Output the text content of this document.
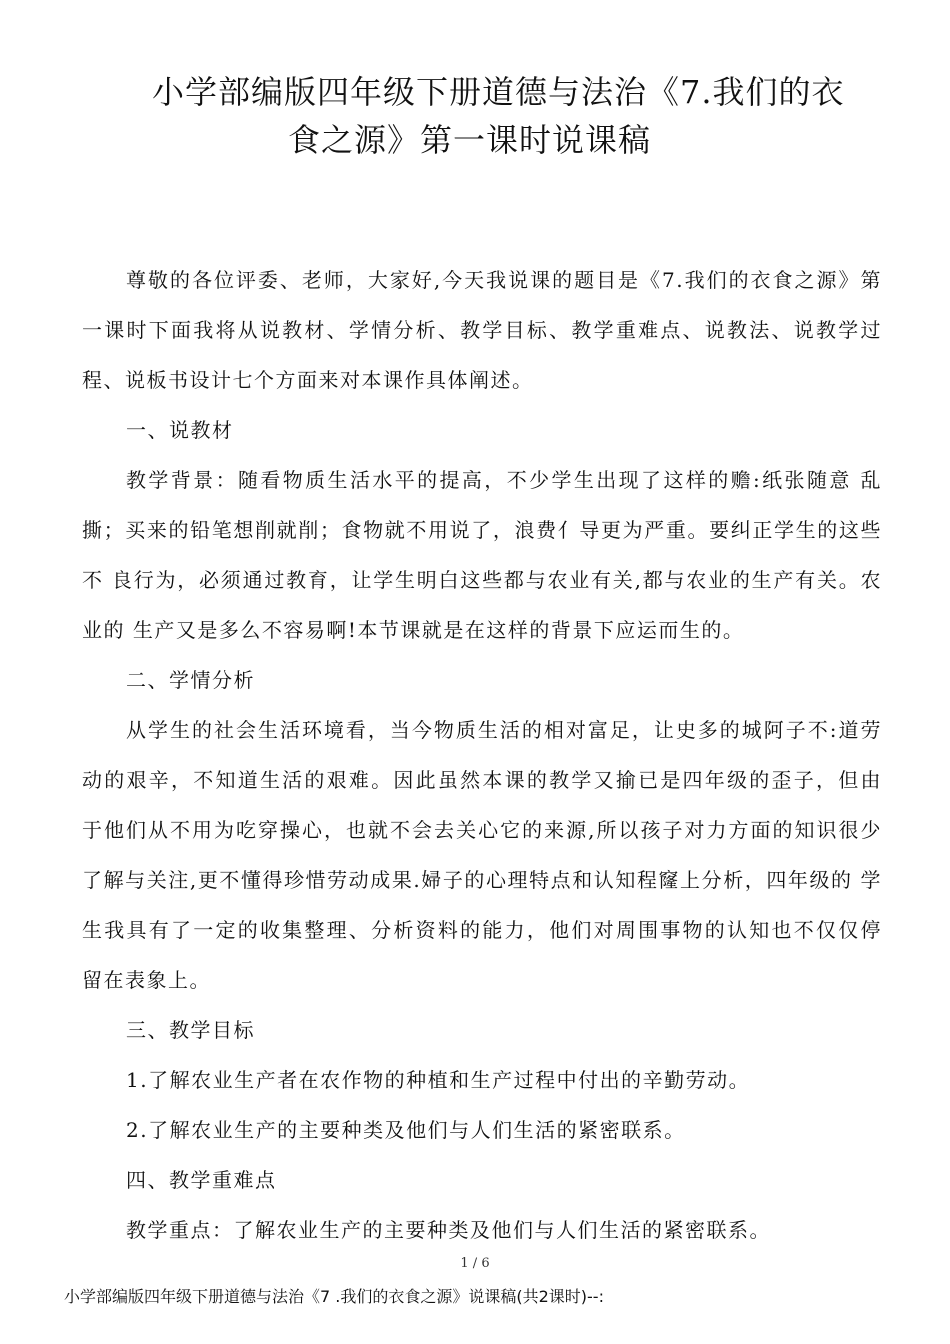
小学部编版四年级下册道德与法治《7.我们的衣
食之源》第一课时说课稿

尊敬的各位评委、老师，大家好,今天我说课的题目是《7.我们的衣食之源》第一课时下面我将从说教材、学情分析、教学目标、教学重难点、说教法、说教学过程、说板书设计七个方面来对本课作具体阐述。

一、说教材

教学背景：随看物质生活水平的提高，不少学生出现了这样的赡:纸张随意 乱撕；买来的铅笔想削就削；食物就不用说了，浪费亻导更为严重。要纠正学生的这些不 良行为，必须通过教育，让学生明白这些都与农业有关,都与农业的生产有关。农业的 生产又是多么不容易啊!本节课就是在这样的背景下应运而生的。

二、学情分析

从学生的社会生活环境看，当今物质生活的相对富足，让史多的城阿子不:道劳动的艰辛，不知道生活的艰难。因此虽然本课的教学又揄已是四年级的歪子，但由 于他们从不用为吃穿操心，也就不会去关心它的来源,所以孩子对力方面的知识很少 了解与关注,更不懂得珍惜劳动成果.婦子的心理特点和认知程窿上分析，四年级的 学生我具有了一定的收集整理、分析资料的能力，他们对周围事物的认知也不仅仅停 留在表象上。

三、教学目标

1.了解农业生产者在农作物的种植和生产过程中付出的辛勤劳动。

2.了解农业生产的主要种类及他们与人们生活的紧密联系。

四、教学重难点

教学重点：了解农业生产的主要种类及他们与人们生活的紧密联系。

1 / 6
小学部编版四年级下册道德与法治《7 .我们的衣食之源》说课稿(共2课时)--:
